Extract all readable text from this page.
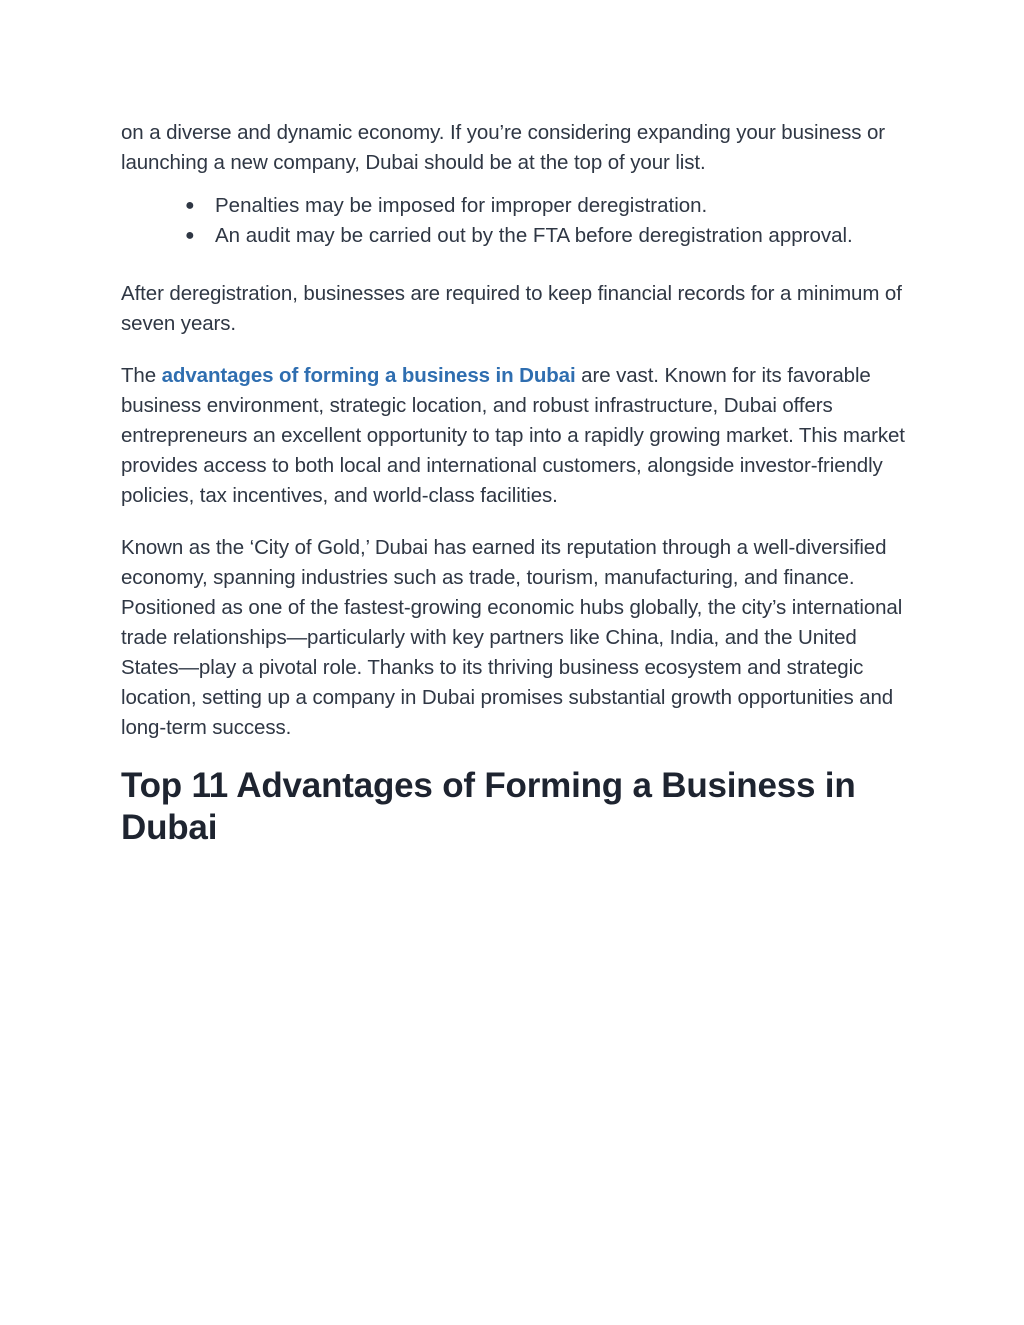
on a diverse and dynamic economy. If you’re considering expanding your business or launching a new company, Dubai should be at the top of your list.

● Penalties may be imposed for improper deregistration.
● An audit may be carried out by the FTA before deregistration approval.

After deregistration, businesses are required to keep financial records for a minimum of seven years.

The advantages of forming a business in Dubai are vast. Known for its favorable business environment, strategic location, and robust infrastructure, Dubai offers entrepreneurs an excellent opportunity to tap into a rapidly growing market. This market provides access to both local and international customers, alongside investor-friendly policies, tax incentives, and world-class facilities.

Known as the ‘City of Gold,’ Dubai has earned its reputation through a well-diversified economy, spanning industries such as trade, tourism, manufacturing, and finance. Positioned as one of the fastest-growing economic hubs globally, the city’s international trade relationships—particularly with key partners like China, India, and the United States—play a pivotal role. Thanks to its thriving business ecosystem and strategic location, setting up a company in Dubai promises substantial growth opportunities and long-term success.

Top 11 Advantages of Forming a Business in Dubai
